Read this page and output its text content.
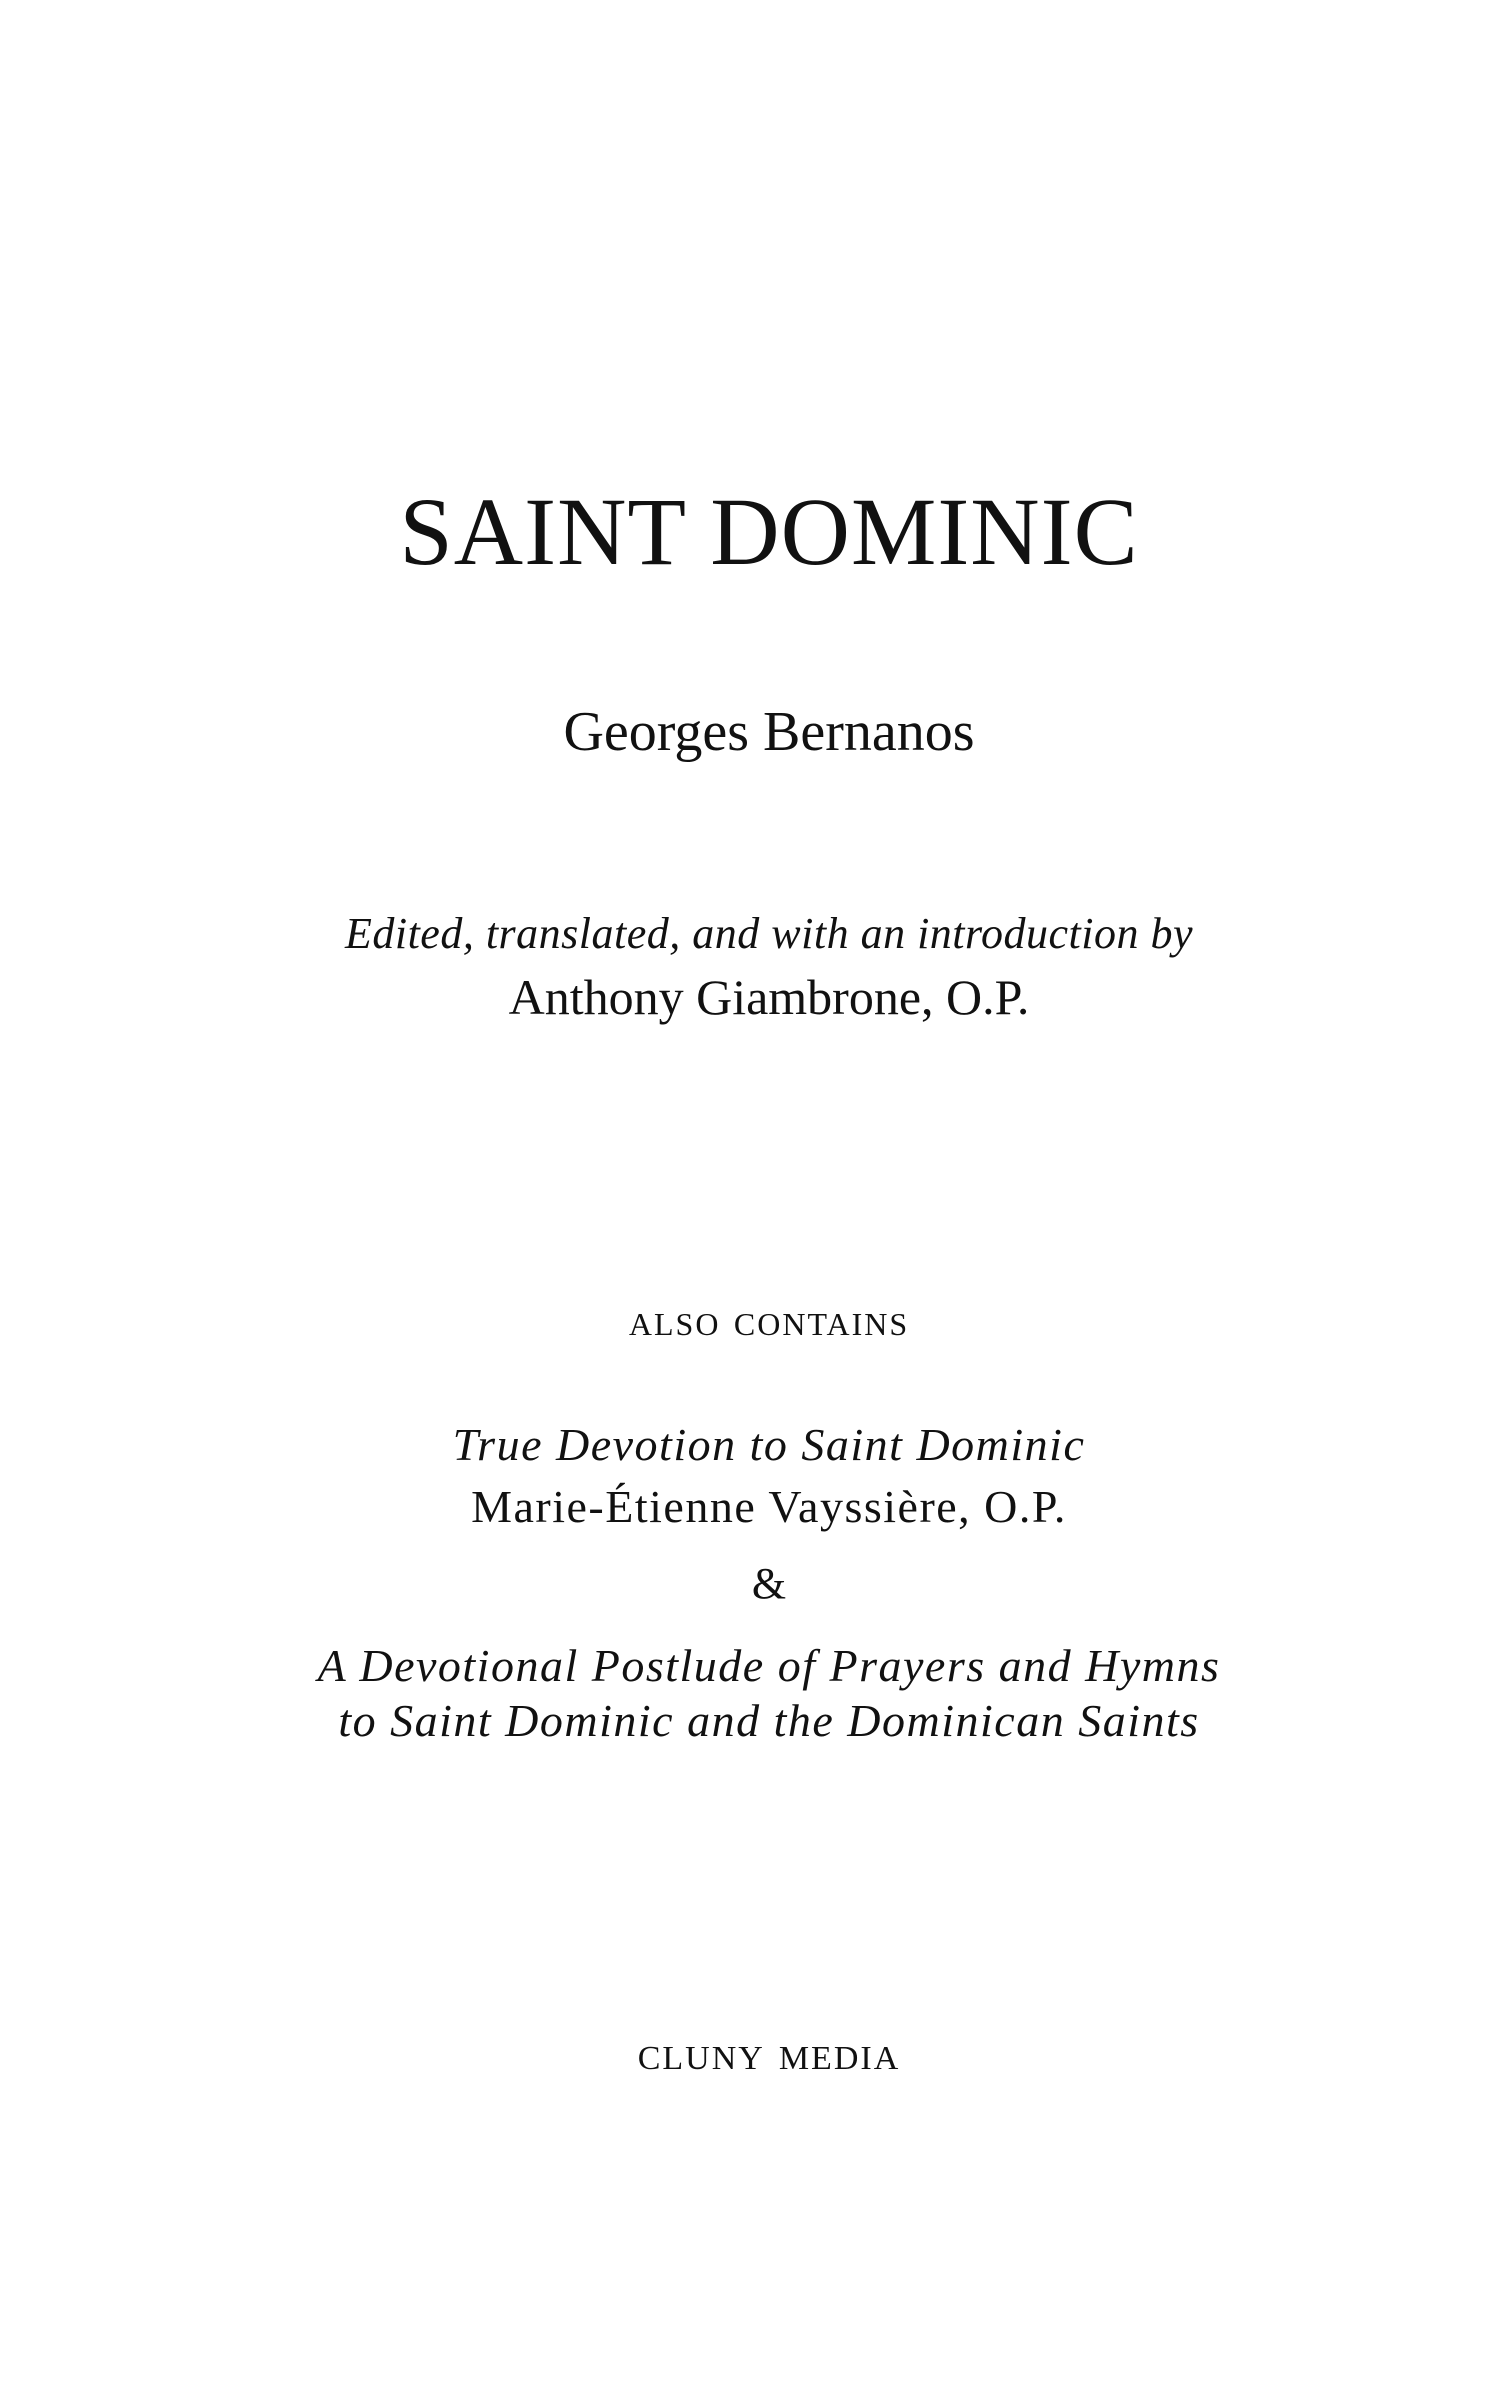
SAINT DOMINIC
Georges Bernanos
Edited, translated, and with an introduction by
Anthony Giambrone, O.P.
also contains
True Devotion to Saint Dominic
Marie-Étienne Vayssière, O.P.
&
A Devotional Postlude of Prayers and Hymns
to Saint Dominic and the Dominican Saints
cluny media
